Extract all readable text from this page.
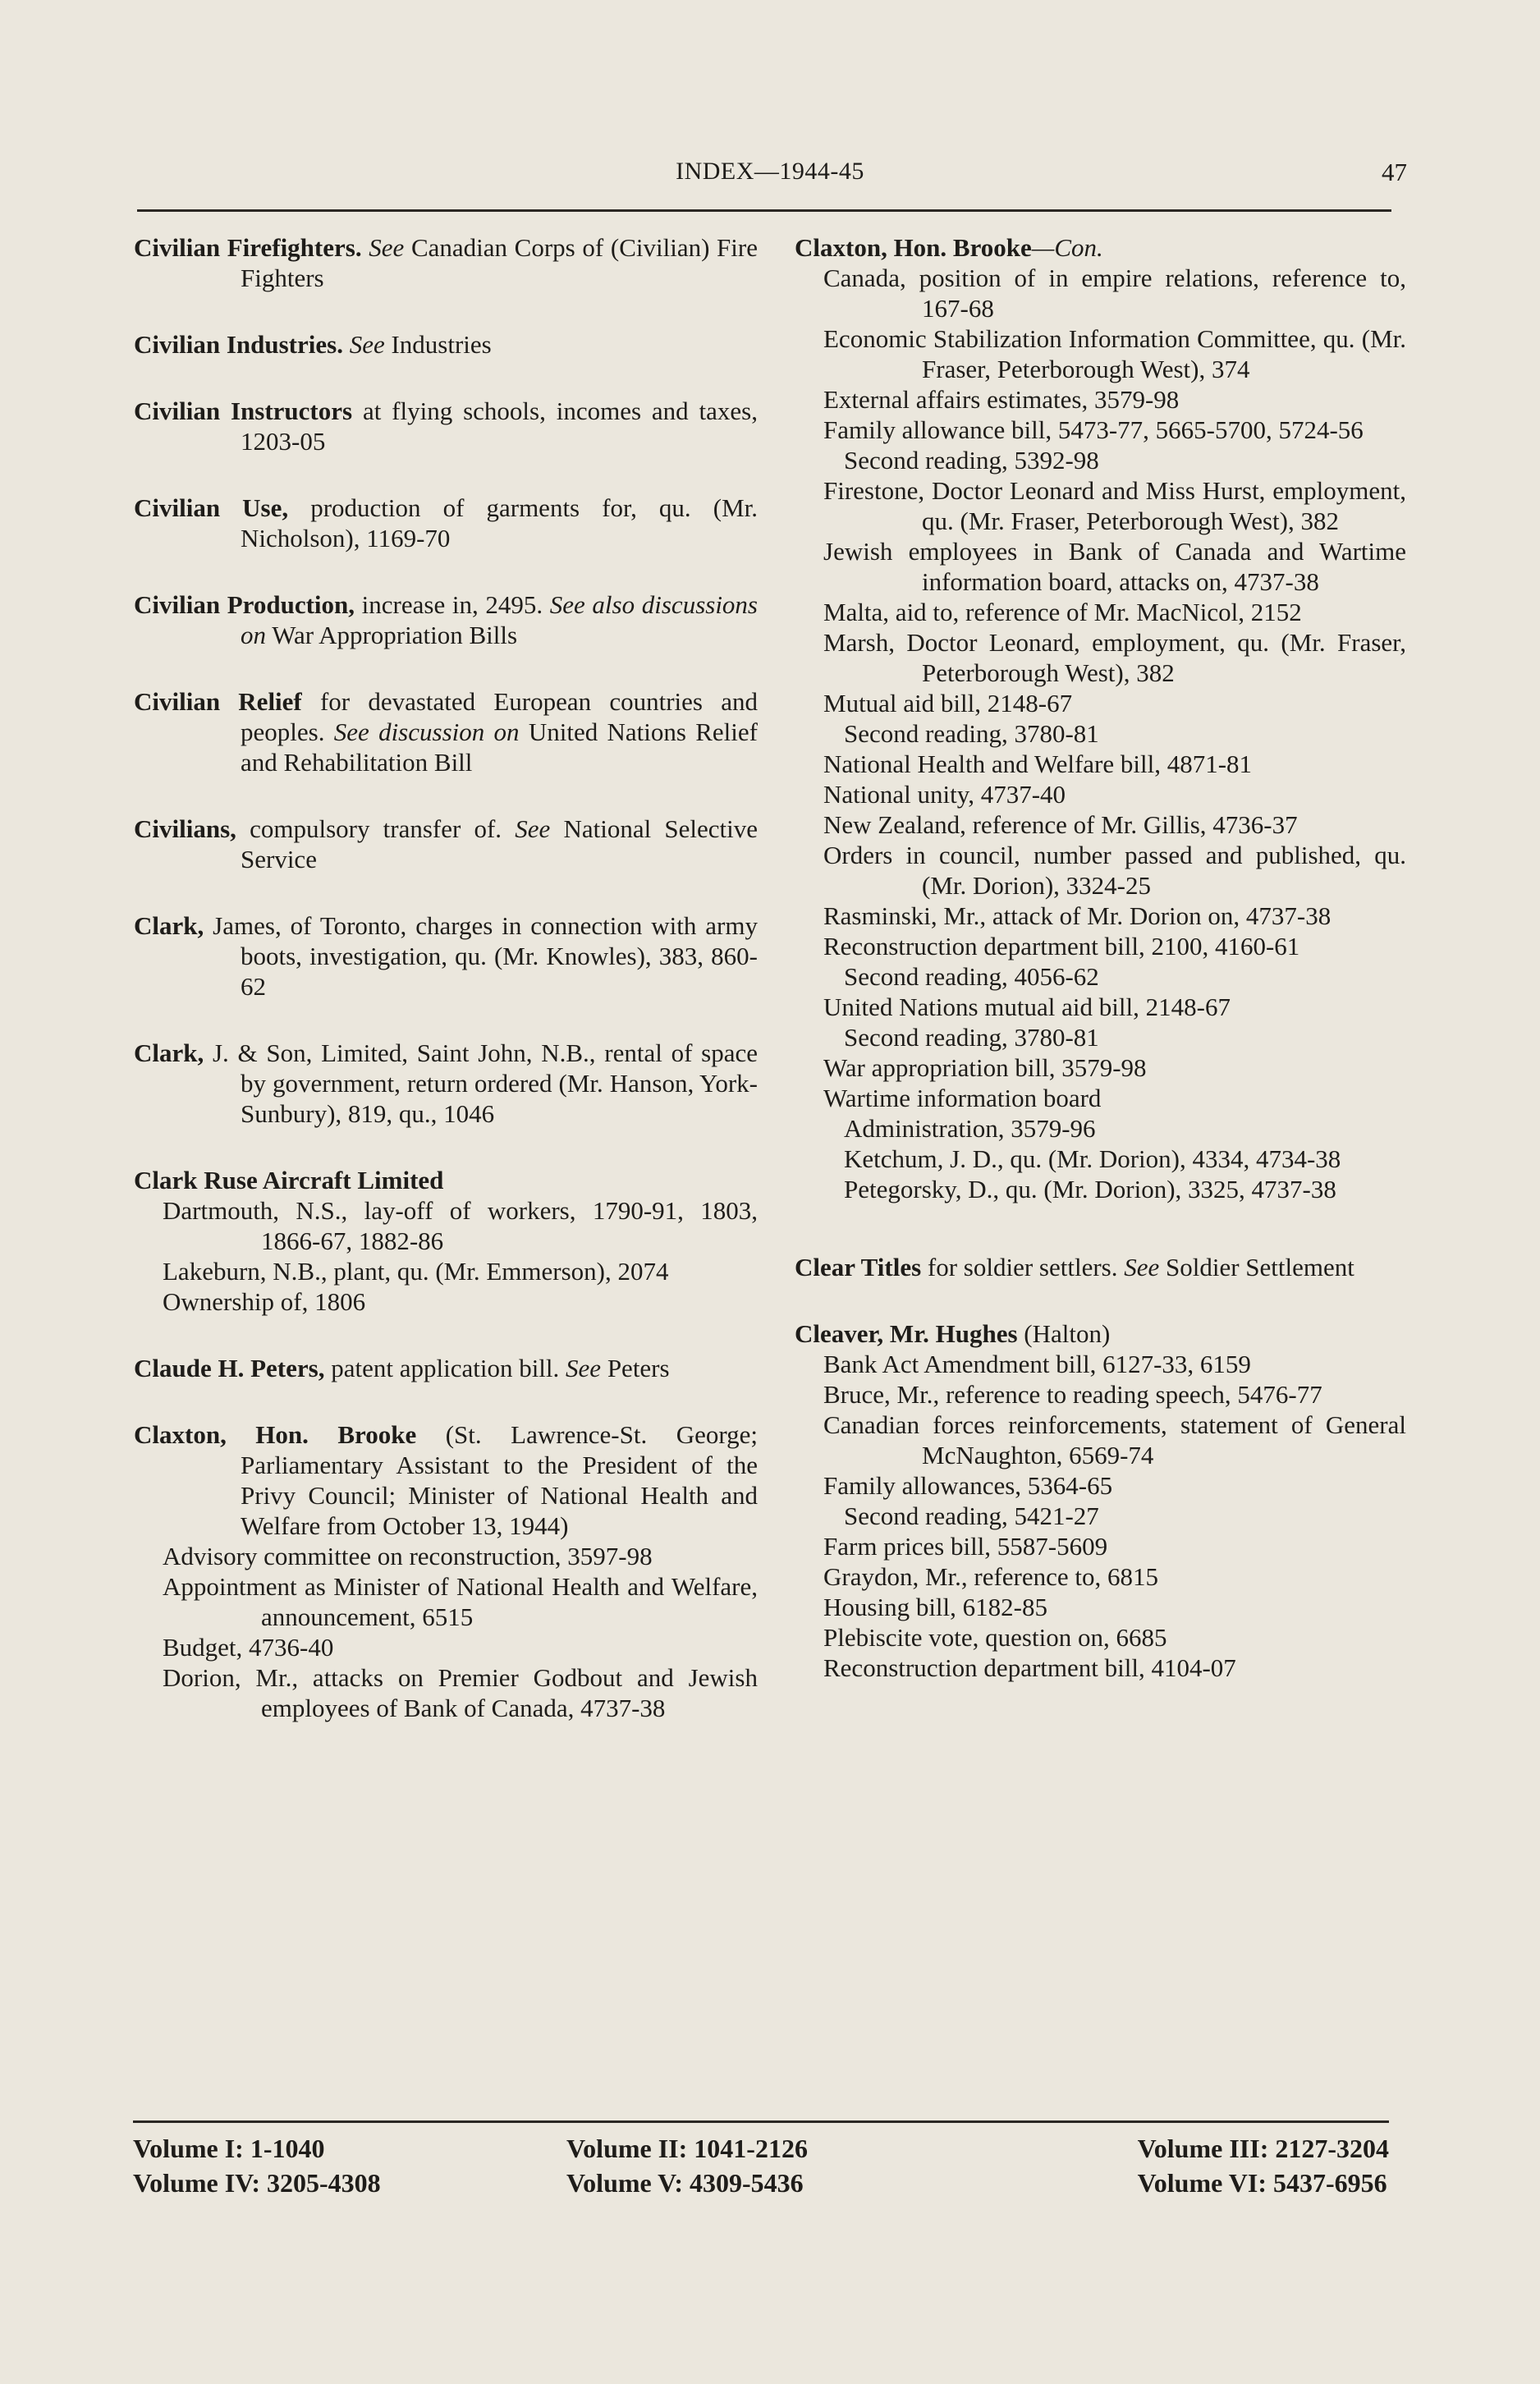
INDEX—1944-45	47
Civilian Firefighters. See Canadian Corps of (Civilian) Fire Fighters
Civilian Industries. See Industries
Civilian Instructors at flying schools, incomes and taxes, 1203-05
Civilian Use, production of garments for, qu. (Mr. Nicholson), 1169-70
Civilian Production, increase in, 2495. See also discussions on War Appropriation Bills
Civilian Relief for devastated European countries and peoples. See discussion on United Nations Relief and Rehabilitation Bill
Civilians, compulsory transfer of. See National Selective Service
Clark, James, of Toronto, charges in connection with army boots, investigation, qu. (Mr. Knowles), 383, 860-62
Clark, J. & Son, Limited, Saint John, N.B., rental of space by government, return ordered (Mr. Hanson, York-Sunbury), 819, qu., 1046
Clark Ruse Aircraft Limited
Dartmouth, N.S., lay-off of workers, 1790-91, 1803, 1866-67, 1882-86
Lakeburn, N.B., plant, qu. (Mr. Emmerson), 2074
Ownership of, 1806
Claude H. Peters, patent application bill. See Peters
Claxton, Hon. Brooke (St. Lawrence-St. George; Parliamentary Assistant to the President of the Privy Council; Minister of National Health and Welfare from October 13, 1944)
Advisory committee on reconstruction, 3597-98
Appointment as Minister of National Health and Welfare, announcement, 6515
Budget, 4736-40
Dorion, Mr., attacks on Premier Godbout and Jewish employees of Bank of Canada, 4737-38
Claxton, Hon. Brooke—Con.
Canada, position of in empire relations, reference to, 167-68
Economic Stabilization Information Committee, qu. (Mr. Fraser, Peterborough West), 374
External affairs estimates, 3579-98
Family allowance bill, 5473-77, 5665-5700, 5724-56
Second reading, 5392-98
Firestone, Doctor Leonard and Miss Hurst, employment, qu. (Mr. Fraser, Peterborough West), 382
Jewish employees in Bank of Canada and Wartime information board, attacks on, 4737-38
Malta, aid to, reference of Mr. MacNicol, 2152
Marsh, Doctor Leonard, employment, qu. (Mr. Fraser, Peterborough West), 382
Mutual aid bill, 2148-67
Second reading, 3780-81
National Health and Welfare bill, 4871-81
National unity, 4737-40
New Zealand, reference of Mr. Gillis, 4736-37
Orders in council, number passed and published, qu. (Mr. Dorion), 3324-25
Rasminski, Mr., attack of Mr. Dorion on, 4737-38
Reconstruction department bill, 2100, 4160-61
Second reading, 4056-62
United Nations mutual aid bill, 2148-67
Second reading, 3780-81
War appropriation bill, 3579-98
Wartime information board
Administration, 3579-96
Ketchum, J. D., qu. (Mr. Dorion), 4334, 4734-38
Petegorsky, D., qu. (Mr. Dorion), 3325, 4737-38
Clear Titles for soldier settlers. See Soldier Settlement
Cleaver, Mr. Hughes (Halton)
Bank Act Amendment bill, 6127-33, 6159
Bruce, Mr., reference to reading speech, 5476-77
Canadian forces reinforcements, statement of General McNaughton, 6569-74
Family allowances, 5364-65
Second reading, 5421-27
Farm prices bill, 5587-5609
Graydon, Mr., reference to, 6815
Housing bill, 6182-85
Plebiscite vote, question on, 6685
Reconstruction department bill, 4104-07
Volume I: 1-1040
Volume IV: 3205-4308
Volume II: 1041-2126
Volume V: 4309-5436
Volume III: 2127-3204
Volume VI: 5437-6956
